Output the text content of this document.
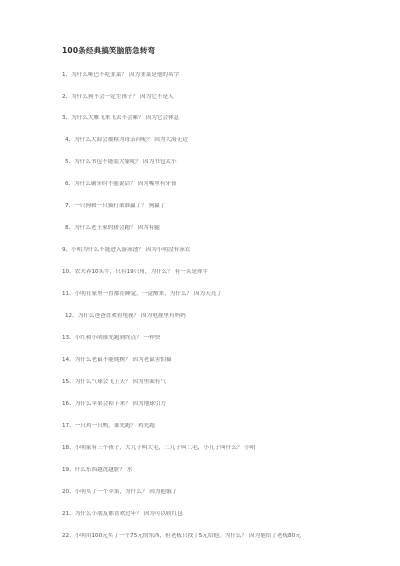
100条经典搞笑脑筋急转弯
1、为什么哑巴不吃韭菜？ 因为韭菜是他的名字
2、为什么狗不会一定生孩子？ 因为它不是人
3、为什么大雁飞来飞去不会累？ 因为它会休息
4、为什么大海会被称为母亲河呢？ 因为大海无边
5、为什么书包不能装大象呢？ 因为书包太小
6、为什么刷牙时不能说话？ 因为嘴里有牙膏
7、一只狗和一只猫打架谁赢了？ 狗赢了
8、为什么老王家的猪会跑？ 因为有腿
9、小明为什么不能进入游泳池？ 因为小明没有泳衣
10、农夫养10头牛，只有19只角，为什么？ 有一头是犀牛
11、小明在家里一直都在睡觉，一觉醒来，为什么？ 因为天亮了
12、为什么爸爸喜欢看电视？ 因为电视里有妈妈
13、小红和小明谁先跑到终点？ 一样快
14、为什么老鼠不能爬树？ 因为老鼠害怕猫
15、为什么气球会飞上天？ 因为里面有气
16、为什么苹果会掉下来？ 因为地球引力
17、一只鸡一只鸭，谁先跑？ 鸡先跑
18、小明家有三个孩子，大儿子叫大毛，二儿子叫二毛，小儿子叫什么？ 小明
19、什么东西越洗越脏？ 水
20、小明买了一个苹果，为什么？ 因为他饿了
21、为什么小朋友都喜欢过年？ 因为可以收红包
22、小明用100元买了一个75元的东西，但老板只找了5元给他，为什么？ 因为他给了老板80元
